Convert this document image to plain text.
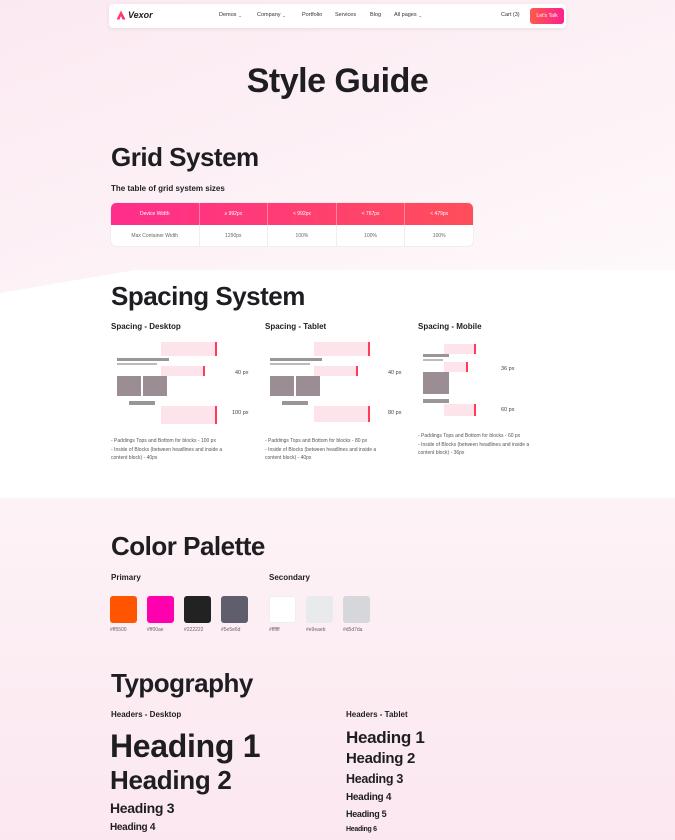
Vexor	Demos ⌄	Company ⌄	Portfolio Services	Blog All pages ⌄	Cart (3)	Let's Talk
Style Guide
Grid System
The table of grid system sizes
Device Width	≥ 992px	< 992px	< 767px	< 479px
Max Container Width	1290px	100%	100%	100%
Spacing System
Spacing - Desktop
40 px
100 px
- Paddings Tops and Bottom for blocks - 100 px
- Inside of Blocks (between headlines and inside a content block) - 40px
Spacing - Tablet
40 px
80 px
- Paddings Tops and Bottom for blocks - 80 px
- Inside of Blocks (between headlines and inside a content block) - 40px
Spacing - Mobile
36 px
60 px
- Paddings Tops and Bottom for blocks - 60 px
- Inside of Blocks (between headlines and inside a content block) - 36px
Color Palette
Primary	Secondary
#ff5500	#ff00ae	#222222	#5e5e6d	#ffffff	#e9eaeb	#d5d7da
Typography
Headers - Desktop	Headers - Tablet
Heading 1
Heading 2
Heading 3
Heading 4
Heading 1
Heading 2
Heading 3
Heading 4
Heading 5
Heading 6
